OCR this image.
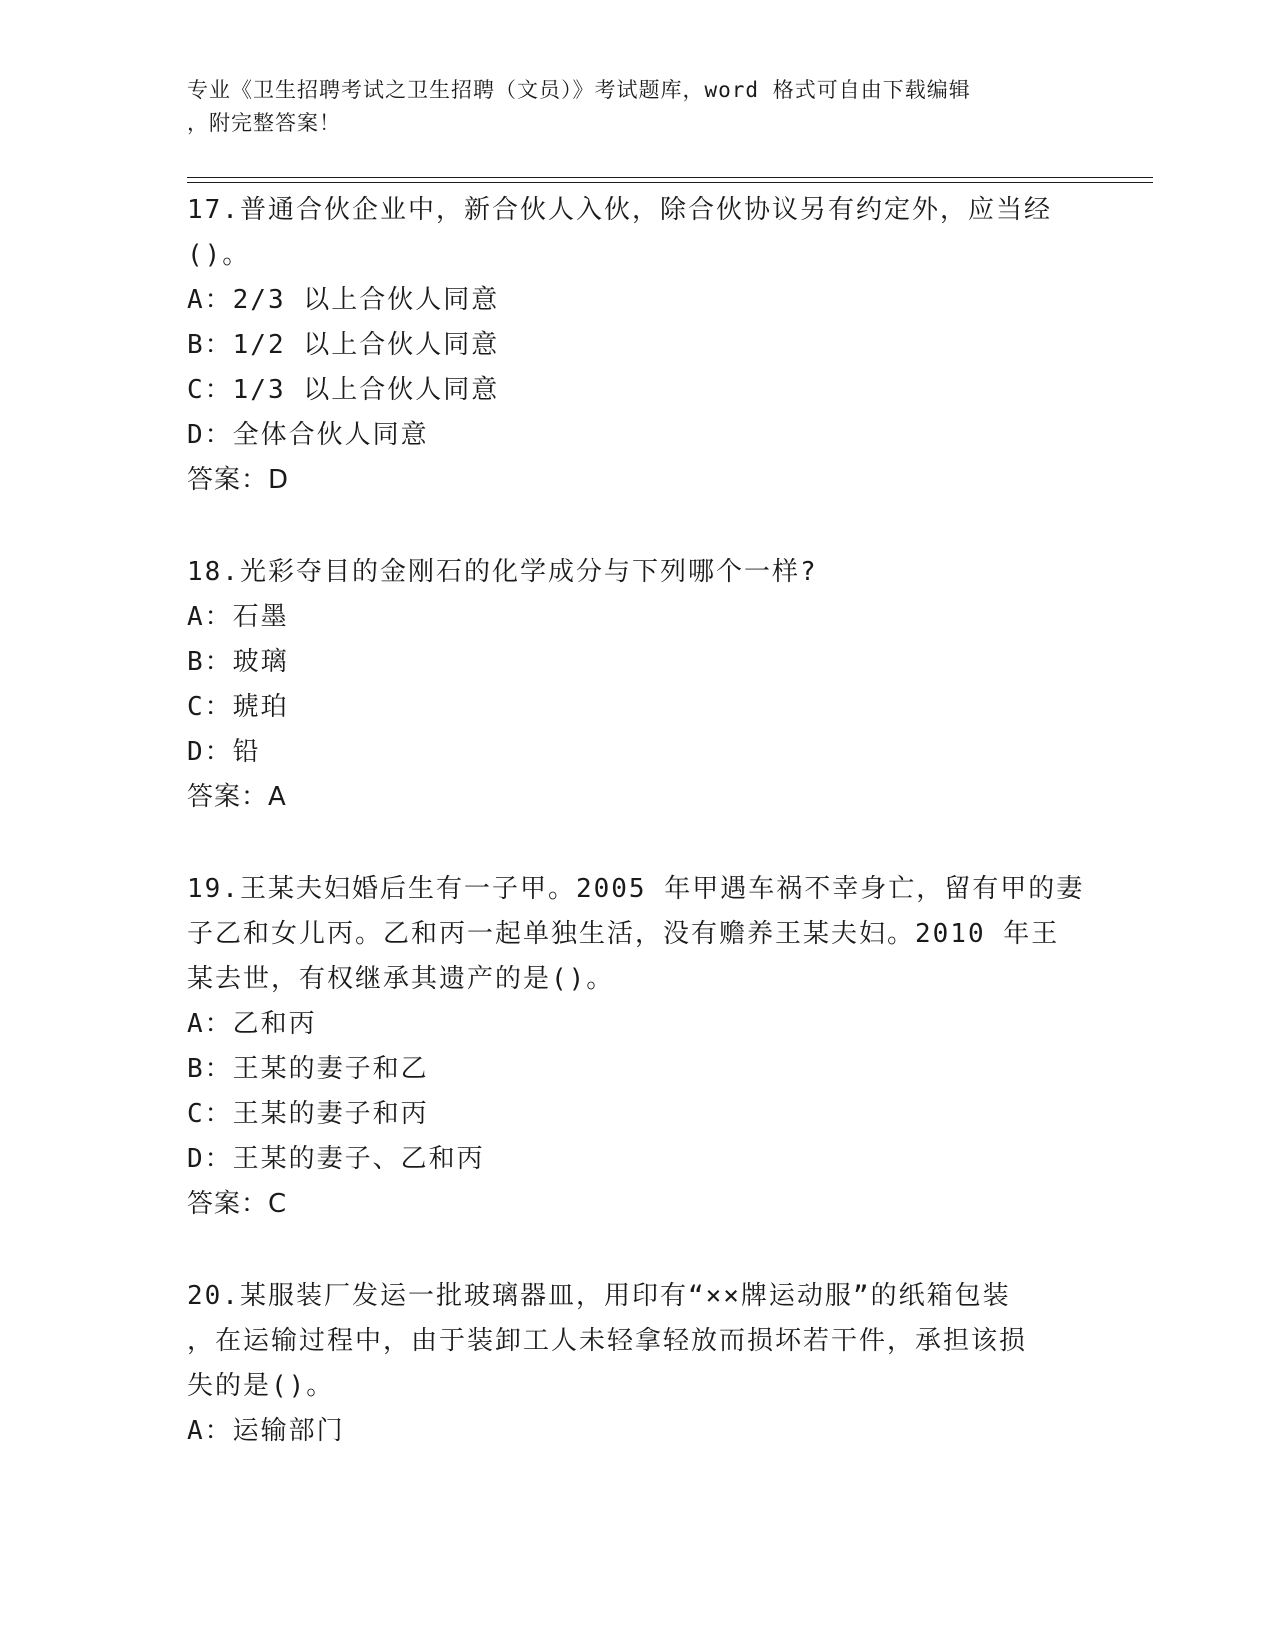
专业《卫生招聘考试之卫生招聘（文员）》考试题库，word 格式可自由下载编辑
，附完整答案！
17.普通合伙企业中，新合伙人入伙，除合伙协议另有约定外，应当经
()。
A：2/3 以上合伙人同意
B：1/2 以上合伙人同意
C：1/3 以上合伙人同意
D：全体合伙人同意
答案：D
18.光彩夺目的金刚石的化学成分与下列哪个一样?
A：石墨
B：玻璃
C：琥珀
D：铅
答案：A
19.王某夫妇婚后生有一子甲。2005 年甲遇车祸不幸身亡，留有甲的妻
子乙和女儿丙。乙和丙一起单独生活，没有赡养王某夫妇。2010 年王
某去世，有权继承其遗产的是()。
A：乙和丙
B：王某的妻子和乙
C：王某的妻子和丙
D：王某的妻子、乙和丙
答案：C
20.某服装厂发运一批玻璃器皿，用印有“××牌运动服”的纸箱包装
，在运输过程中，由于装卸工人未轻拿轻放而损坏若干件，承担该损
失的是()。
A：运输部门
